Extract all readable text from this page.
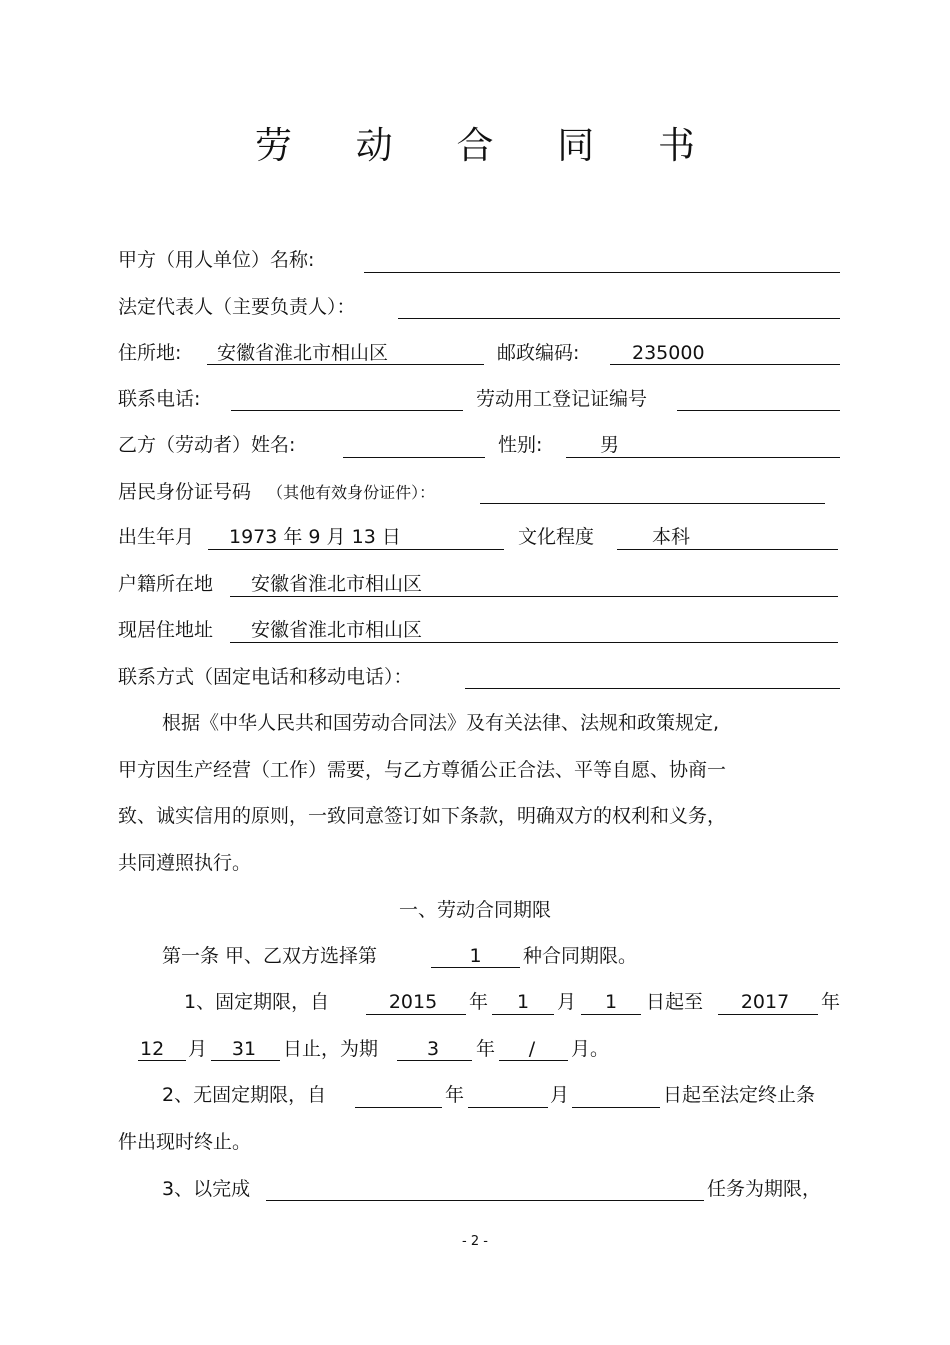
劳 动 合 同 书
甲方（用人单位）名称:
法定代表人（主要负责人）：
住所地: 安徽省淮北市相山区	邮政编码:	235000
联系电话:	劳动用工登记证编号
乙方（劳动者）姓名:	性别:	男
居民身份证号码 （其他有效身份证件）：
出生年月 1973 年 9 月 13 日	文化程度	本科
户籍所在地 安徽省淮北市相山区
现居住地址 安徽省淮北市相山区
联系方式（固定电话和移动电话）：
根据《中华人民共和国劳动合同法》及有关法律、法规和政策规定,
甲方因生产经营（工作）需要，与乙方尊循公正合法、平等自愿、协商一
致、诚实信用的原则，一致同意签订如下条款，明确双方的权利和义务，
共同遵照执行。
一、劳动合同期限
第一条 甲、乙双方选择第	1	种合同期限。
1、固定期限，自	2015	年	1	月	1	日起至	2017	年
12 月	31	日止，为期	3	年	/	月。
2、无固定期限，自	年	月	日起至法定终止条
件出现时终止。
3、以完成	任务为期限，
- 2 -
